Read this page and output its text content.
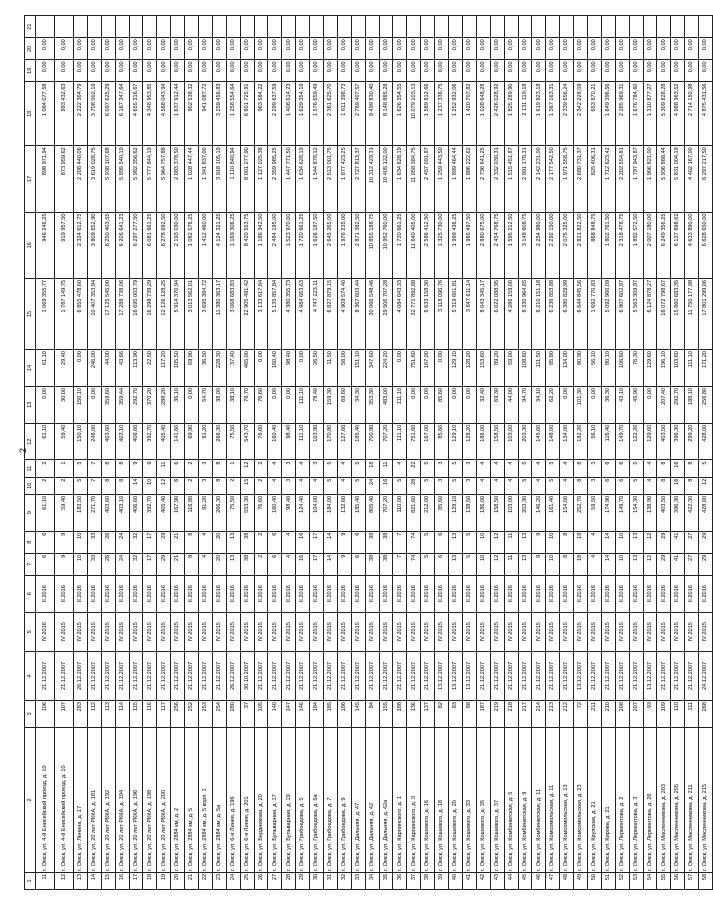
2
1	2	3	4	5	6	7	8	9	10	11	12	13	14	15	16	17	18	19	20	21
11	г. Омск, ул. 4-й Енисейский проезд, д. 10	106	21.12.2007	IV 2016	II.2016	6	6	61,10	2	2	61,10	0,00	61,10	1 069 355,77	946 246,25	898 971,94	1 064 077,58	0,00	0,00	
12	г. Омск, ул. 4-й Енисейский проезд, д. 10	107	21.12.2007	IV 2015	II.2016	9	9	59,40	2	1	59,40	30,00	29,40	1 787 149,75	919 957,50	873 959,62	993 432,63	0,00	0,00	
13	г. Омск, ул. Ленина, д. 17	283	26.12.2007	IV 2015	II.2016	10	10	183,50	5	5	150,10	150,10	0,00	6 855 478,60	2 324 612,75	2 208 440,06	2 222 364,79	0,00	0,00	
14	г. Омск, ул. 20 лет РККА, д. 181	112	21.12.2007	IV 2015	II.2016	33	33	271,70	7	7	246,00	0,00	246,00	10 407 353,94	3 809 652,90	3 619 028,75	3 708 002,19	0,00	0,00	
15	г. Омск, ул. 20 лет РККА, д. 192	113	21.12.2007	IV 2015	II.2016	26	26	403,60	8	8	403,60	359,60	44,00	17 125 545,00	6 250 403,55	5 938 107,68	6 097 625,29	0,00	0,00	
16	г. Омск, ул. 20 лет РККА, д. 194	114	21.12.2007	IV 2015	II.2016	24	24	403,10	8	8	403,10	359,44	43,66	17 288 738,06	6 205 641,23	5 895 540,19	6 167 347,64	0,00	0,00	
17	г. Омск, ул. 20 лет РККА, д. 196	115	21.12.2007	IV 2015	II.2016	32	32	406,60	14	9	406,60	292,70	113,90	16 695 003,79	6 297 277,50	5 982 356,62	4 655 316,67	0,00	0,00	
18	г. Омск, ул. 20 лет РККА, д. 198	116	21.12.2007	IV 2015	II.2016	17	17	392,70	10	9	392,70	370,20	22,50	16 298 739,29	6 081 661,25	5 777 844,19	4 348 953,85	0,00	0,00	
19	г. Омск, ул. 20 лет РККА, д. 200	117	21.12.2007	IV 2015	II.2016	29	29	405,40	12	11	405,40	288,20	117,20	12 126 128,25	6 278 692,50	5 964 757,88	4 568 043,94	0,00	0,00	
20	г. Омск, ул. 2884 км, д. 2	256	21.12.2007	IV 2015	II.2016	21	21	167,90	6	6	141,60	36,10	105,50	5 914 370,94	2 193 030,00	2 083 378,50	1 637 912,44	0,00	0,00	
21	г. Омск, ул. 2884 км, д. 5	252	21.12.2007	IV 2015	II.2016	8	8	116,80	2	2	69,90	0,00	69,90	3 013 562,01	1 082 576,25	1 028 447,44	902 538,32	0,00	0,00	
22	г. Омск, ул. 2884 км, д. 5 корп. 1	253	21.12.2007	IV 2015	II.2016	4	4	91,20	3	3	91,20	54,70	36,50	3 695 384,72	1 412 460,00	1 341 837,00	941 087,72	0,00	0,00	
23	г. Омск, ул. 2884 км, д. 5а	254	21.12.2007	IV 2015	II.2016	20	20	266,30	8	8	266,30	38,00	228,30	11 380 363,17	4 124 321,25	3 918 105,19	3 259 456,83	0,00	0,00	
24	г. Омск, ул. 6-я Линия, д. 196	280	26.12.2007	IV 2015	II.2016	13	13	75,50	2	1	75,50	38,10	37,40	3 068 683,83	1 169 306,25	1 110 840,94	1 258 554,64	0,00	0,00	
25	г. Омск, ул. 6-я Линия, д. 201	37	30.10.2007	IV 2015	II.2016	38	38	553,30	15	12	543,70	78,70	465,00	22 905 491,42	8 420 553,75	8 001 277,90	6 601 725,91	0,00	0,00	
26	г. Омск, ул. Бердникова, д. 20	105	21.12.2007	IV 2015	II.2016	2	2	76,60	2	2	76,60	76,60	0,00	3 133 617,84	1 186 342,50	1 127 025,38	963 584,22	0,00	0,00	
27	г. Омск, ул. Бульварная, д. 17	140	21.12.2007	IV 2015	II.2016	6	6	160,40	4	4	160,40	0,00	160,40	5 135 857,84	2 484 195,00	2 359 985,25	2 299 637,59	0,00	0,00	
28	г. Омск, ул. Бульварная, д. 19	147	21.12.2007	IV 2015	II.2016	4	4	98,40	3	3	98,40	0,00	98,40	4 380 355,73	1 523 970,00	1 447 771,50	1 408 614,23	0,00	0,00	
29	г. Омск, ул. Грибоедова, д. 5	146	21.12.2007	IV 2015	II.2016	16	16	124,40	4	4	111,10	111,10	0,00	4 984 663,63	1 720 661,25	1 634 628,19	1 629 354,19	0,00	0,00	
30	г. Омск, ул. Грибоедова, д. 5а	184	21.12.2007	IV 2015	II.2016	17	17	104,00	4	3	103,90	78,40	26,50	4 747 223,11	1 626 187,50	1 544 878,12	1 576 659,49	0,00	0,00	
31	г. Омск, ул. Грибоедова, д. 7	185	21.12.2007	IV 2015	II.2016	14	14	184,00	5	5	170,80	159,30	11,50	6 827 879,15	2 645 265,00	2 513 001,75	2 361 625,70	0,00	0,00	
32	г. Омск, ул. Грибоедова, д. 9	186	21.12.2007	IV 2015	II.2016	9	9	132,60	4	4	127,60	69,60	58,00	4 909 574,40	1 976 235,00	1 877 423,25	1 611 398,73	0,00	0,00	
33	г. Омск, ул. Дальняя, д. 47	145	21.12.2007	IV 2015	II.2016	6	6	185,40	5	5	185,40	34,30	151,10	8 367 603,44	2 871 382,50	2 727 813,37	2 769 407,57	0,00	0,00	
34	г. Омск, ул. Дальняя, д. 42	84	21.12.2007	IV 2015	II.2016	38	38	805,40	24	18	700,90	353,30	347,60	30 066 548,46	10 855 188,75	10 312 429,31	9 499 830,40	0,00	0,00	
35	г. Омск, ул. Дальняя, д. 42а	155	21.12.2007	IV 2015	II.2016	38	38	707,20	16	11	707,20	483,00	224,20	29 506 707,28	10 952 760,00	10 405 122,00	8 148 885,28	0,00	0,00	
36	г. Омск, ул. Карпинского, д. 1	188	21.12.2007	IV 2015	II.2016	7	7	110,00	5	4	111,10	111,10	0,00	4 084 643,33	1 720 661,25	1 634 628,19	1 626 354,55	0,00	0,00	
37	г. Омск, ул. Карпинского, д. 3	136	21.12.2007	IV 2015	II.2016	74	74	821,60	28	22	751,60	0,00	751,60	32 771 892,88	11 640 405,00	11 058 384,75	10 079 103,13	0,00	0,00	
38	г. Омск, ул. Кошевого, д. 16	137	21.12.2007	IV 2015	II.2016	5	5	212,00	5	5	167,00	0,00	167,00	6 633 158,30	2 586 412,50	2 457 091,87	1 589 812,66	0,00	0,00	
39	г. Омск, ул. Кошевого, д. 18	82	13.12.2007	IV 2015	II.2016	6	6	85,60	3	3	85,60	85,60	0,00	3 118 096,76	1 325 730,00	1 259 443,50	1 237 336,75	0,00	0,00	
40	г. Омск, ул. Кошевого, д. 20	83	13.12.2007	IV 2015	II.2016	13	13	129,10	5	5	129,10	0,00	129,10	5 319 601,81	1 999 436,25	1 899 464,44	1 252 932,06	0,00	0,00	
41	г. Омск, ул. Кошевого, д. 33	88	13.12.2007	IV 2015	II.2016	5	5	138,50	3	3	128,20	0,00	128,20	3 647 611,14	1 985 497,50	1 886 222,62	1 420 707,82	0,00	0,00	
42	г. Омск, ул. Кошевого, д. 35	187	21.12.2007	IV 2015	II.2016	10	10	186,00	4	4	186,00	32,40	153,60	8 043 345,17	2 880 675,00	2 736 641,25	1 028 648,28	0,00	0,00	
43	г. Омск, ул. Кошевого, д. 37	219	21.12.2007	IV 2015	II.2016	12	12	158,50	4	4	158,50	69,30	89,20	6 022 088,95	2 454 768,75	2 332 030,31	2 426 028,92	0,00	0,00	
44	г. Омск, ул. Комбинатская, д. 5	218	21.12.2007	IV 2015	II.2016	11	11	103,00	4	4	103,00	44,00	59,00	4 286 159,00	1 595 212,50	1 515 451,87	1 825 289,90	0,00	0,00	
45	г. Омск, ул. Комбинатская, д. 9	217	21.12.2007	IV 2015	II.2016	13	13	203,30	5	5	203,30	94,70	108,60	8 330 964,65	3 148 608,75	2 991 178,31	2 131 119,18	0,00	0,00	
46	г. Омск, ул. Комбинатская, д. 11	214	21.12.2007	IV 2015	II.2016	9	9	146,20	4	4	145,60	34,10	111,50	6 210 151,18	2 254 980,00	2 142 231,00	1 619 923,18	0,00	0,00	
47	г. Омск, ул. Комсомольская, д. 11	213	21.12.2007	IV 2015	II.2016	10	10	161,40	5	5	148,00	62,20	85,80	6 236 853,88	2 292 150,00	2 177 542,50	1 367 163,31	0,00	0,00	
48	г. Омск, ул. Комсомольская, д. 13	212	21.12.2007	IV 2015	II.2016	8	8	154,00	4	4	134,00	0,00	134,00	6 380 829,99	2 075 325,00	1 971 558,75	2 339 656,24	0,00	0,00	
49	г. Омск, ул. Комсомольская, д. 23	72	13.12.2007	IV 2015	II.2016	18	18	252,70	8	8	182,20	101,30	80,90	6 644 845,56	2 821 822,50	2 680 731,37	2 342 228,09	0,00	0,00	
50	г. Омск, ул. Крупская, д. 21	211	21.12.2007	IV 2015	II.2016	4	4	59,50	3	3	56,10	0,00	56,10	1 692 770,83	868 848,75	825 406,31	653 870,21	0,00	0,00	
51	г. Омск, ул. Кирова, д. 21	210	21.12.2007	IV 2015	II.2016	14	14	174,90	6	6	116,40	36,30	80,10	5 092 966,09	1 802 761,50	1 712 623,42	1 649 396,56	0,00	0,00	
52	г. Омск, ул. Лермонтова, д. 2	208	21.12.2007	IV 2015	II.2016	10	10	149,70	6	6	149,70	43,10	106,60	6 807 602,87	2 318 478,75	2 202 554,81	2 285 969,31	0,00	0,00	
53	г. Омск, ул. Лермонтова, д. 3	207	21.12.2007	IV 2015	II.2016	13	13	154,30	5	5	122,20	45,90	76,30	5 563 309,97	1 892 572,50	1 797 943,87	1 676 784,60	0,00	0,00	
54	г. Омск, ул. Лермонтова, д. 26	93	13.12.2007	IV 2015	II.2016	12	12	138,90	4	4	129,60	0,00	129,60	6 124 878,27	2 007 180,00	1 906 821,00	1 310 877,27	0,00	0,00	
55	г. Омск, ул. Масленникова, д. 203	109	21.12.2007	IV 2015	II.2016	29	29	403,50	8	8	403,50	207,40	196,10	16 072 798,67	6 249 356,25	5 936 888,44	5 309 828,28	0,00	0,00	
56	г. Омск, ул. Масленникова, д. 205	110	21.12.2007	IV 2015	II.2016	41	41	396,30	16	16	396,30	292,70	103,60	15 860 683,35	6 137 898,62	5 831 004,19	4 988 363,52	0,00	0,00	
57	г. Омск, ул. Масленникова, д. 211	111	21.12.2007	IV 2015	II.2016	27	27	422,30	8	8	299,20	188,10	111,10	11 750 177,98	4 633 890,00	4 402 167,00	2 714 150,98	0,00	0,00	
58	г. Омск, ул. Масленникова, д. 215	268	24.12.2007	IV 2015	II.2016	29	29	428,00	12	5	428,00	256,80	171,20	17 801 299,06	6 628 650,00	6 297 217,50	4 875 431,56	0,00	0,00	
